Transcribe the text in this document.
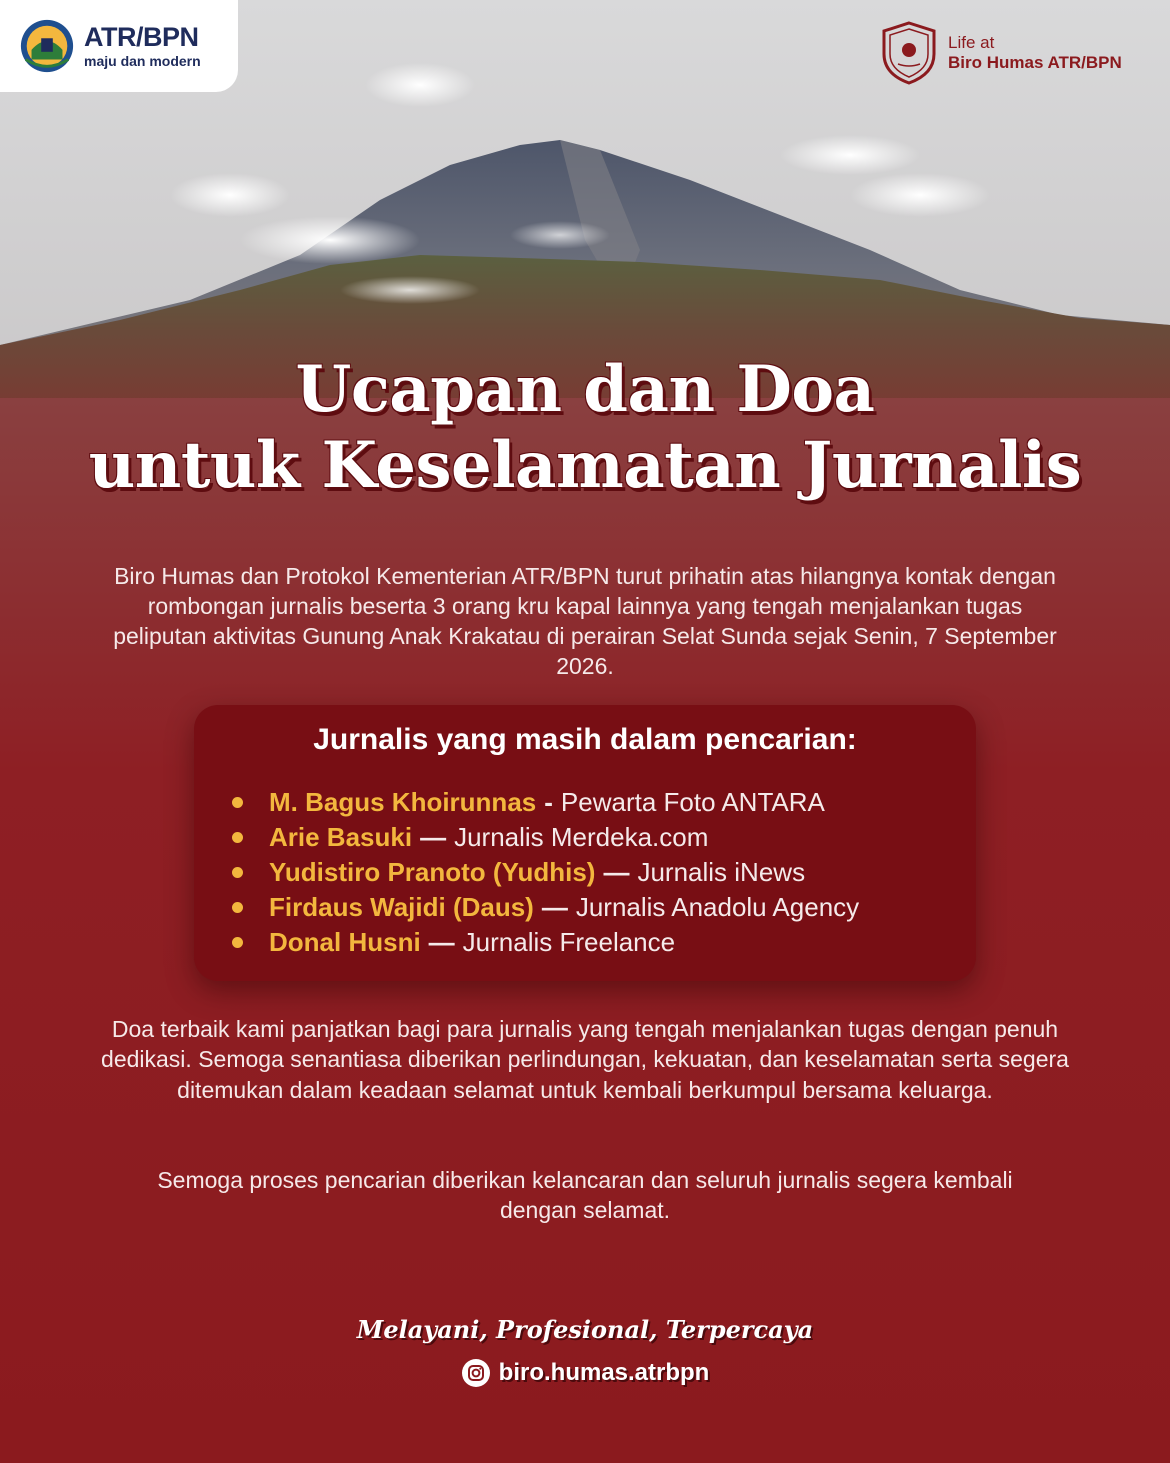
ATR/BPN
maju dan modern
Life at
Biro Humas ATR/BPN
Ucapan dan Doa
untuk Keselamatan Jurnalis

Biro Humas dan Protokol Kementerian ATR/BPN turut prihatin atas hilangnya kontak dengan rombongan jurnalis beserta 3 orang kru kapal lainnya yang tengah menjalankan tugas peliputan aktivitas Gunung Anak Krakatau di perairan Selat Sunda sejak Senin, 7 September 2026.

Jurnalis yang masih dalam pencarian:
M. Bagus Khoirunnas - Pewarta Foto ANTARA
Arie Basuki — Jurnalis Merdeka.com
Yudistiro Pranoto (Yudhis) — Jurnalis iNews
Firdaus Wajidi (Daus) — Jurnalis Anadolu Agency
Donal Husni — Jurnalis Freelance

Doa terbaik kami panjatkan bagi para jurnalis yang tengah menjalankan tugas dengan penuh dedikasi. Semoga senantiasa diberikan perlindungan, kekuatan, dan keselamatan serta segera ditemukan dalam keadaan selamat untuk kembali berkumpul bersama keluarga.

Semoga proses pencarian diberikan kelancaran dan seluruh jurnalis segera kembali dengan selamat.

Melayani, Profesional, Terpercaya
biro.humas.atrbpn
